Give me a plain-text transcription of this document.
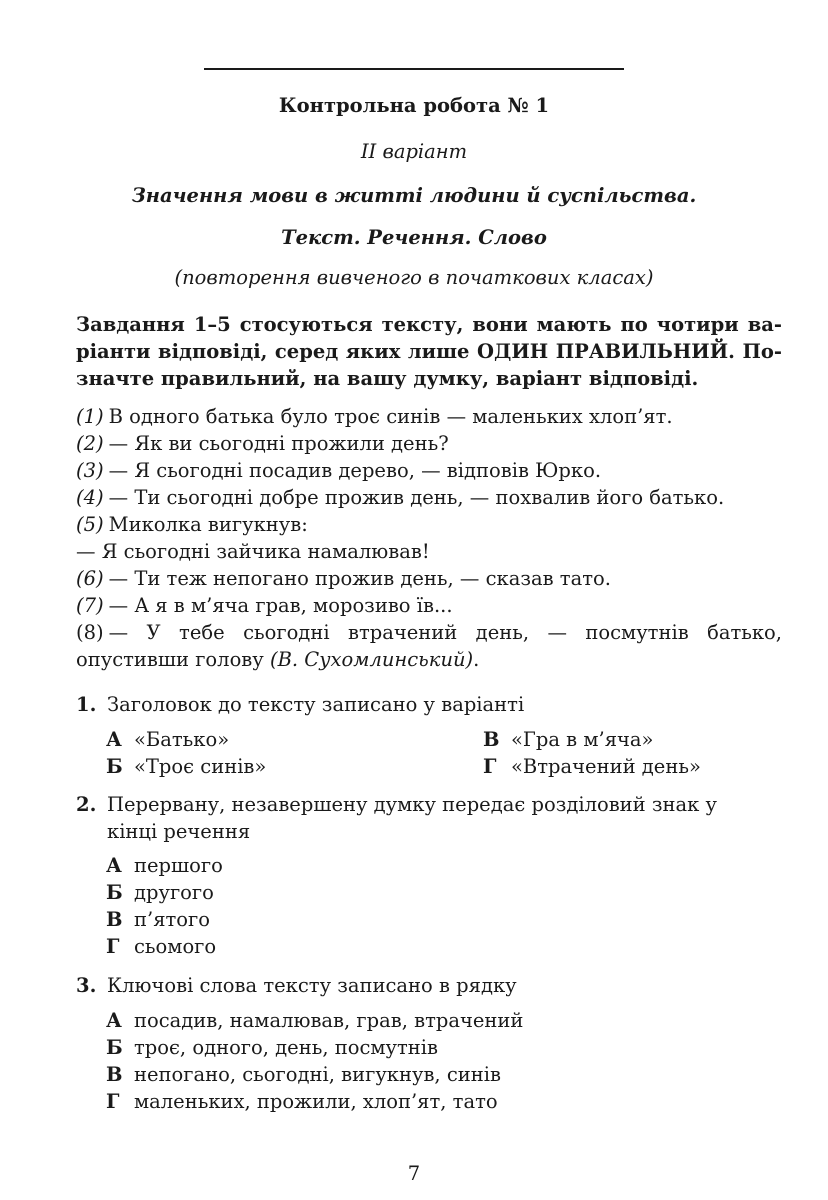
Контрольна робота № 1
II варіант
Значення мови в житті людини й суспільства.
Текст. Речення. Слово
(повторення вивченого в початкових класах)
Завдання 1–5 стосуються тексту, вони мають по чотири ва-
ріанти відповіді, серед яких лише ОДИН ПРАВИЛЬНИЙ. По-
значте правильний, на вашу думку, варіант відповіді.
(1) В одного батька було троє синів — маленьких хлоп’ят.
(2) — Як ви сьогодні прожили день?
(3) — Я сьогодні посадив дерево, — відповів Юрко.
(4) — Ти сьогодні добре прожив день, — похвалив його батько.
(5) Миколка вигукнув:
— Я сьогодні зайчика намалював!
(6) — Ти теж непогано прожив день, — сказав тато.
(7) — А я в м’яча грав, морозиво їв...
(8) — У тебе сьогодні втрачений день, — посмутнів батько,
опустивши голову (В. Сухомлинський).
1. Заголовок до тексту записано у варіанті
А «Батько»
Б «Троє синів»
В «Гра в м’яча»
Г «Втрачений день»
2. Перервану, незавершену думку передає розділовий знак у
кінці речення
А першого
Б другого
В п’ятого
Г сьомого
3. Ключові слова тексту записано в рядку
А посадив, намалював, грав, втрачений
Б троє, одного, день, посмутнів
В непогано, сьогодні, вигукнув, синів
Г маленьких, прожили, хлоп’ят, тато
7
